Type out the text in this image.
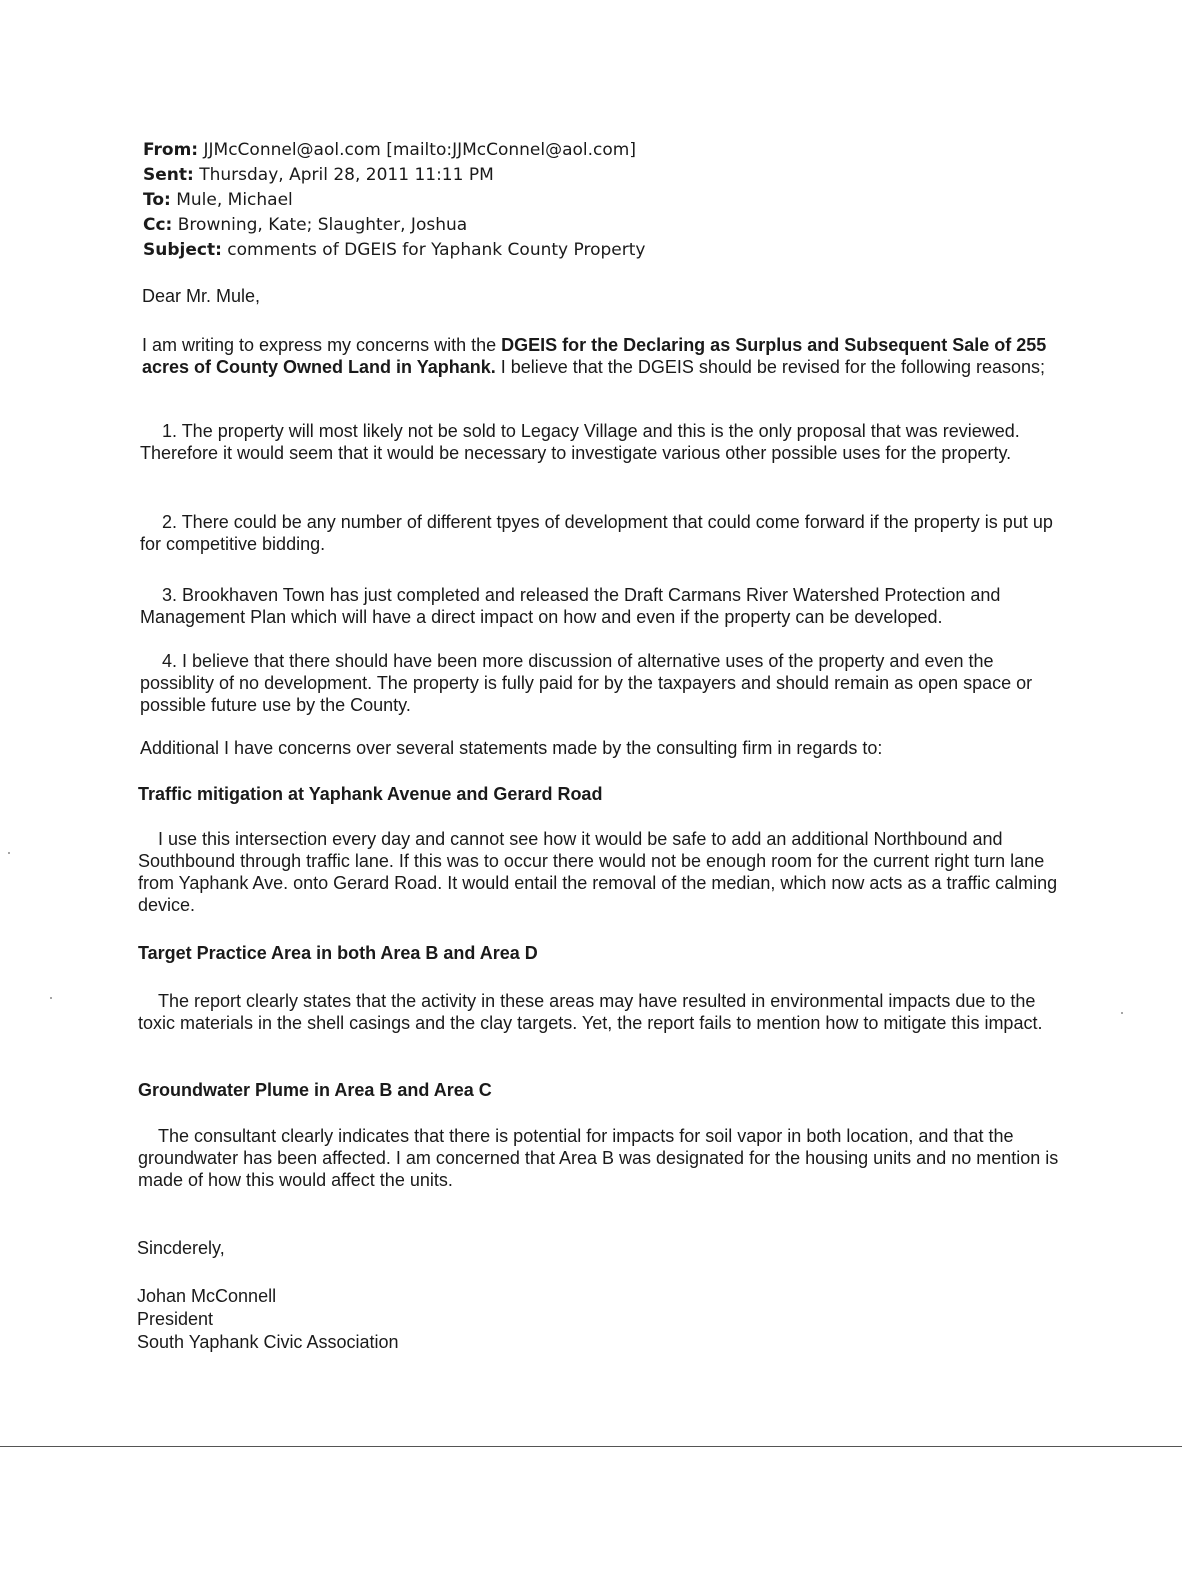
From: JJMcConnel@aol.com [mailto:JJMcConnel@aol.com]
Sent: Thursday, April 28, 2011 11:11 PM
To: Mule, Michael
Cc: Browning, Kate; Slaughter, Joshua
Subject: comments of DGEIS for Yaphank County Property
Dear Mr. Mule,
I am writing to express my concerns with the DGEIS for the Declaring as Surplus and Subsequent Sale of 255 acres of County Owned Land in Yaphank. I believe that the DGEIS should be revised for the following reasons;
1. The property will most likely not be sold to Legacy Village and this is the only proposal that was reviewed. Therefore it would seem that it would be necessary to investigate various other possible uses for the property.
2. There could be any number of different tpyes of development that could come forward if the property is put up for competitive bidding.
3. Brookhaven Town has just completed and released the Draft Carmans River Watershed Protection and Management Plan which will have a direct impact on how and even if the property can be developed.
4. I believe that there should have been more discussion of alternative uses of the property and even the possiblity of no development. The property is fully paid for by the taxpayers and should remain as open space or possible future use by the County.
Additional I have concerns over several statements made by the consulting firm in regards to:
Traffic mitigation at Yaphank Avenue and Gerard Road
I use this intersection every day and cannot see how it would be safe to add an additional Northbound and Southbound through traffic lane. If this was to occur there would not be enough room for the current right turn lane from Yaphank Ave. onto Gerard Road. It would entail the removal of the median, which now acts as a traffic calming device.
Target Practice Area in both Area B and Area D
The report clearly states that the activity in these areas may have resulted in environmental impacts due to the toxic materials in the shell casings and the clay targets. Yet, the report fails to mention how to mitigate this impact.
Groundwater Plume in Area B and Area C
The consultant clearly indicates that there is potential for impacts for soil vapor in both location, and that the groundwater has been affected. I am concerned that Area B was designated for the housing units and no mention is made of how this would affect the units.
Sincderely,
Johan McConnell
President
South Yaphank Civic Association
